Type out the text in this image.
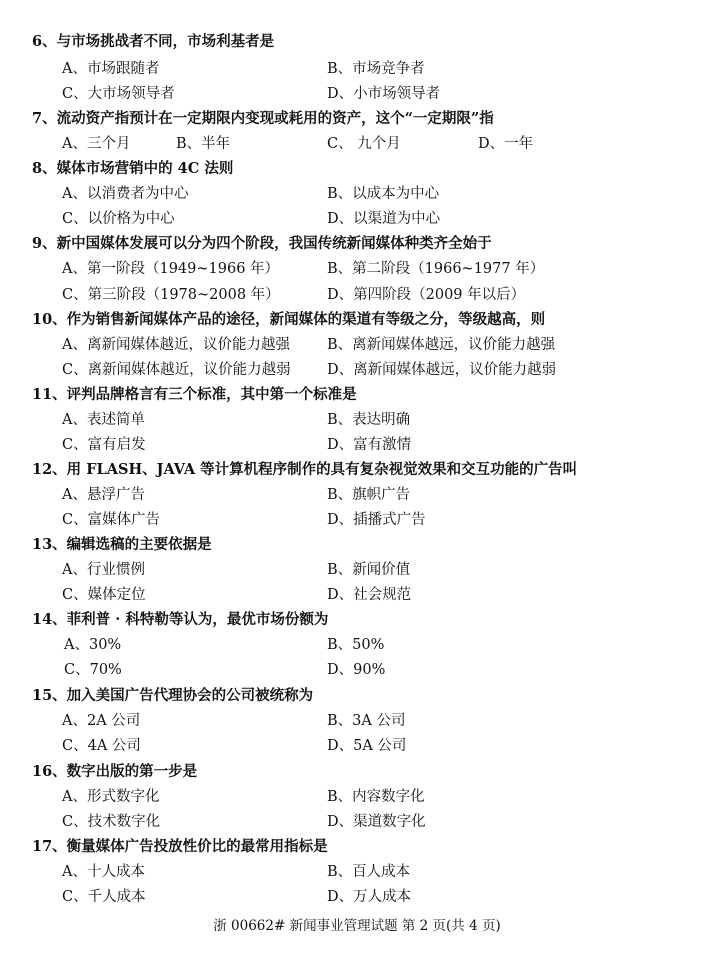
6、与市场挑战者不同，市场利基者是
A、市场跟随者	B、市场竞争者
C、大市场领导者	D、小市场领导者
7、流动资产指预计在一定期限内变现或耗用的资产，这个“一定期限”指
A、三个月	B、半年	C、 九个月	D、一年
8、媒体市场营销中的 4C 法则
A、以消费者为中心	B、以成本为中心
C、以价格为中心	D、以渠道为中心
9、新中国媒体发展可以分为四个阶段，我国传统新闻媒体种类齐全始于
A、第一阶段（1949~1966 年）	B、第二阶段（1966~1977 年）
C、第三阶段（1978~2008 年）	D、第四阶段（2009 年以后）
10、作为销售新闻媒体产品的途径，新闻媒体的渠道有等级之分，等级越高，则
A、离新闻媒体越近，议价能力越强	B、离新闻媒体越远，议价能力越强
C、离新闻媒体越近，议价能力越弱	D、离新闻媒体越远，议价能力越弱
11、评判品牌格言有三个标准，其中第一个标准是
A、表述简单	B、表达明确
C、富有启发	D、富有激情
12、用 FLASH、JAVA 等计算机程序制作的具有复杂视觉效果和交互功能的广告叫
A、悬浮广告	B、旗帜广告
C、富媒体广告	D、插播式广告
13、编辑选稿的主要依据是
A、行业惯例	B、新闻价值
C、媒体定位	D、社会规范
14、菲利普 · 科特勒等认为，最优市场份额为
A、30%	B、50%
C、70%	D、90%
15、加入美国广告代理协会的公司被统称为
A、2A 公司	B、3A 公司
C、4A 公司	D、5A 公司
16、数字出版的第一步是
A、形式数字化	B、内容数字化
C、技术数字化	D、渠道数字化
17、衡量媒体广告投放性价比的最常用指标是
A、十人成本	B、百人成本
C、千人成本	D、万人成本
浙 00662# 新闻事业管理试题 第 2 页(共 4 页)
